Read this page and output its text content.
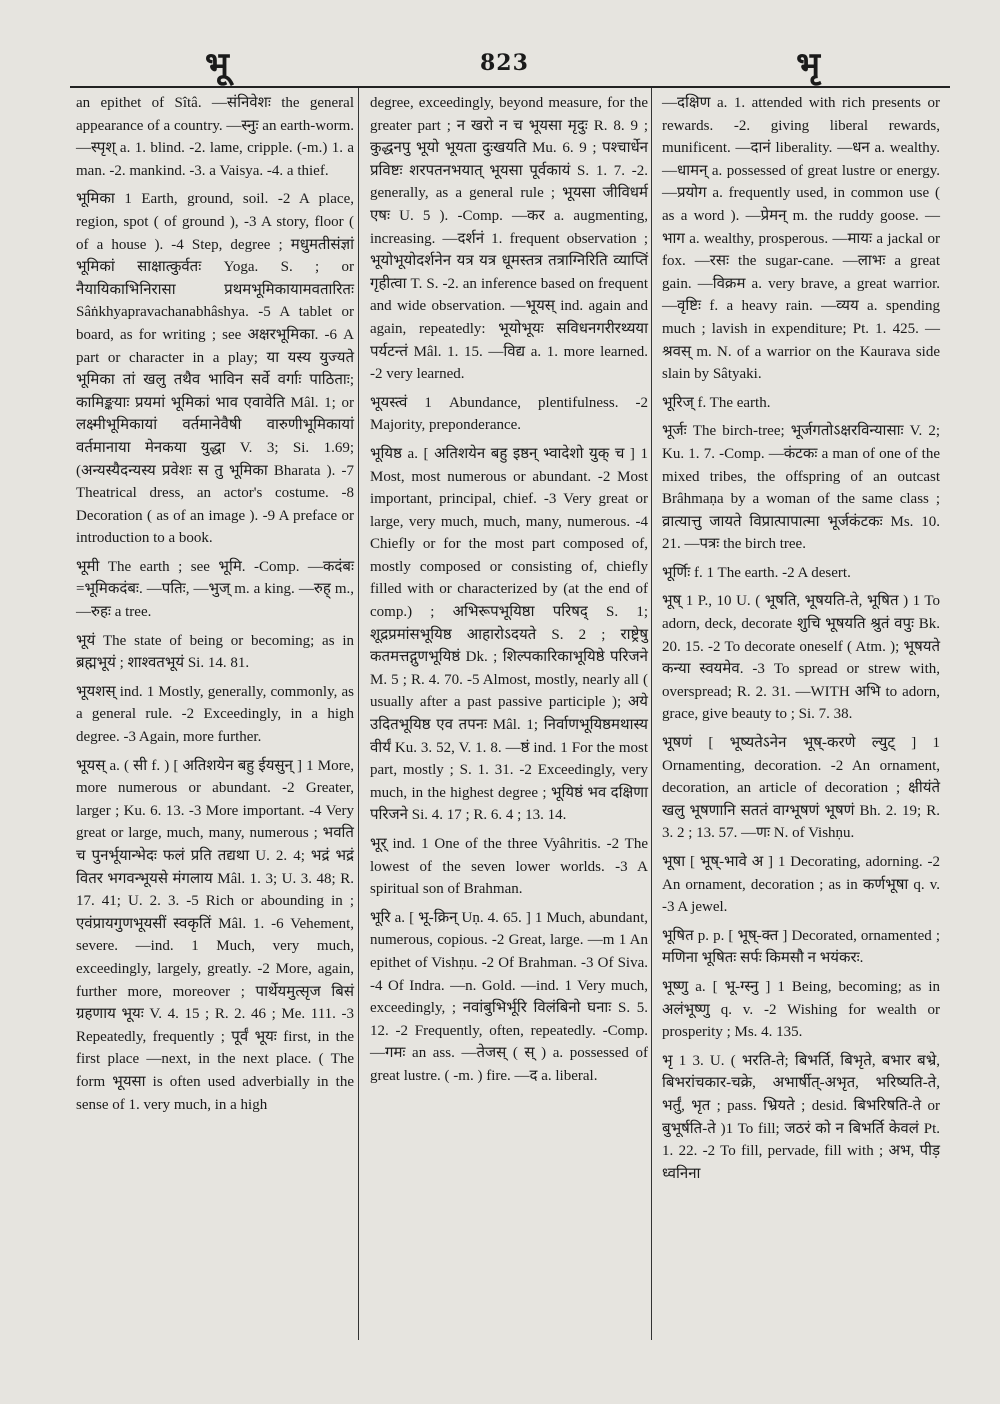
भू	823	भृ

an epithet of Sîtâ. —संनिवेशः the general appearance of a country. —स्नुः an earth-worm. —स्पृश् a. 1. blind. -2. lame, cripple. (-m.) 1. a man. -2. mankind. -3. a Vaisya. -4. a thief.

भूमिका 1 Earth, ground, soil. -2 A place, region, spot ( of ground ), -3 A story, floor ( of a house ). -4 Step, degree ; मधुमतीसंज्ञां भूमिकां साक्षात्कुर्वतः Yoga. S. ; or नैयायिकाभिनिरासा प्रथमभूमिकायामवतारितः Sâṅkhyapravachanabhâshya. -5 A tablet or board, as for writing ; see अक्षरभूमिका. -6 A part or character in a play; या यस्य युज्यते भूमिका तां खलु तथैव भाविन सर्वे वर्गाः पाठिताः; कामिङ्कयाः प्रयमां भूमिकां भाव एवावेति Mâl. 1; or लक्ष्मीभूमिकायां वर्तमानेवैषी वारुणीभूमिकायां वर्तमानाया मेनकया युद्धा V. 3; Si. 1.69; (अन्यस्यैदन्यस्य प्रवेशः स तु भूमिका Bharata ). -7 Theatrical dress, an actor's costume. -8 Decoration ( as of an image ). -9 A preface or introduction to a book.

भूमी The earth ; see भूमि. -Comp. —कदंबः =भूमिकदंबः. —पतिः, —भुज् m. a king. —रुह् m., —रुहः a tree.

भूयं The state of being or becoming; as in ब्रह्मभूयं ; शाश्वतभूयं Si. 14. 81.

भूयशस् ind. 1 Mostly, generally, commonly, as a general rule. -2 Exceedingly, in a high degree. -3 Again, more further.

भूयस् a. ( सी f. ) [ अतिशयेन बहु ईयसुन् ] 1 More, more numerous or abundant. -2 Greater, larger ; Ku. 6. 13. -3 More important. -4 Very great or large, much, many, numerous ; भवति च पुनर्भूयान्भेदः फलं प्रति तद्यथा U. 2. 4; भद्रं भद्रं वितर भगवन्भूयसे मंगलाय Mâl. 1. 3; U. 3. 48; R. 17. 41; U. 2. 3. -5 Rich or abounding in ; एवंप्रायगुणभूयसीं स्वकृतिं Mâl. 1. -6 Vehement, severe. —ind. 1 Much, very much, exceedingly, largely, greatly. -2 More, again, further more, moreover ; पार्थेयमुत्सृज बिसं ग्रहणाय भूयः V. 4. 15 ; R. 2. 46 ; Me. 111. -3 Repeatedly, frequently ; पूर्वं भूयः first, in the first place —next, in the next place. ( The form भूयसा is often used adverbially in the sense of 1. very much, in a high

degree, exceedingly, beyond measure, for the greater part ; न खरो न च भूयसा मृदुः R. 8. 9 ; कुद्धनपु भूयो भूयता दुःखयति Mu. 6. 9 ; पश्चार्धेन प्रविष्टः शरपतनभयात् भूयसा पूर्वकायं S. 1. 7. -2. generally, as a general rule ; भूयसा जीविधर्म एषः U. 5 ). -Comp. —कर a. augmenting, increasing. —दर्शनं 1. frequent observation ; भूयोभूयोदर्शनेन यत्र यत्र धूमस्तत्र तत्राग्निरिति व्याप्तिं गृहीत्वा T. S. -2. an inference based on frequent and wide observation. —भूयस् ind. again and again, repeatedly: भूयोभूयः सविधनगरीरथ्यया पर्यटन्तं Mâl. 1. 15. —विद्य a. 1. more learned. -2 very learned.

भूयस्त्वं 1 Abundance, plentifulness. -2 Majority, preponderance.

भूयिष्ठ a. [ अतिशयेन बहु इष्ठन् भ्वादेशो युक् च ] 1 Most, most numerous or abundant. -2 Most important, principal, chief. -3 Very great or large, very much, much, many, numerous. -4 Chiefly or for the most part composed of, mostly composed or consisting of, chiefly filled with or characterized by (at the end of comp.) ; अभिरूपभूयिष्ठा परिषद् S. 1; शूद्रप्रमांसभूयिष्ठ आहारोऽदयते S. 2 ; राष्ट्रेषु कतमत्तद्गुणभूयिष्ठं Dk. ; शिल्पकारिकाभूयिष्ठे परिजने M. 5 ; R. 4. 70. -5 Almost, mostly, nearly all ( usually after a past passive participle ); अये उदितभूयिष्ठ एव तपनः Mâl. 1; निर्वाणभूयिष्ठमथास्य वीर्यं Ku. 3. 52, V. 1. 8. —ष्ठं ind. 1 For the most part, mostly ; S. 1. 31. -2 Exceedingly, very much, in the highest degree ; भूयिष्ठं भव दक्षिणा परिजने Si. 4. 17 ; R. 6. 4 ; 13. 14.

भूर् ind. 1 One of the three Vyâhritis. -2 The lowest of the seven lower worlds. -3 A spiritual son of Brahman.

भूरि a. [ भू-क्रिन् Uṇ. 4. 65. ] 1 Much, abundant, numerous, copious. -2 Great, large. —m 1 An epithet of Vishṇu. -2 Of Brahman. -3 Of Siva. -4 Of Indra. —n. Gold. —ind. 1 Very much, exceedingly, ; नवांबुभिर्भूरि विलंबिनो घनाः S. 5. 12. -2 Frequently, often, repeatedly. -Comp. —गमः an ass. —तेजस् ( स् ) a. possessed of great lustre. ( -m. ) fire. —द a. liberal.

—दक्षिण a. 1. attended with rich presents or rewards. -2. giving liberal rewards, munificent. —दानं liberality. —धन a. wealthy. —धामन् a. possessed of great lustre or energy. —प्रयोग a. frequently used, in common use ( as a word ). —प्रेमन् m. the ruddy goose. —भाग a. wealthy, prosperous. —मायः a jackal or fox. —रसः the sugar-cane. —लाभः a great gain. —विक्रम a. very brave, a great warrior. —वृष्टिः f. a heavy rain. —व्यय a. spending much ; lavish in expenditure; Pt. 1. 425. —श्रवस् m. N. of a warrior on the Kaurava side slain by Sâtyaki.

भूरिज् f. The earth.

भूर्जः The birch-tree; भूर्जगतोऽक्षरविन्यासाः V. 2; Ku. 1. 7. -Comp. —कंटकः a man of one of the mixed tribes, the offspring of an outcast Brâhmaṇa by a woman of the same class ; व्रात्यात्तु जायते विप्रात्पापात्मा भूर्जकंटकः Ms. 10. 21. —पत्रः the birch tree.

भूर्णिः f. 1 The earth. -2 A desert.

भूष् 1 P., 10 U. ( भूषति, भूषयति-ते, भूषित ) 1 To adorn, deck, decorate शुचि भूषयति श्रुतं वपुः Bk. 20. 15. -2 To decorate oneself ( Atm. ); भूषयते कन्या स्वयमेव. -3 To spread or strew with, overspread; R. 2. 31. —WITH अभि to adorn, grace, give beauty to ; Si. 7. 38.

भूषणं [ भूष्यतेऽनेन भूष्-करणे ल्युट् ] 1 Ornamenting, decoration. -2 An ornament, decoration, an article of decoration ; क्षीयंते खलु भूषणानि सततं वाग्भूषणं भूषणं Bh. 2. 19; R. 3. 2 ; 13. 57. —णः N. of Vishṇu.

भूषा [ भूष्-भावे अ ] 1 Decorating, adorning. -2 An ornament, decoration ; as in कर्णभूषा q. v. -3 A jewel.

भूषित p. p. [ भूष्-क्त ] Decorated, ornamented ; मणिना भूषितः सर्पः किमसौ न भयंकरः.

भूष्णु a. [ भू-ग्स्नु ] 1 Being, becoming; as in अलंभूष्णु q. v. -2 Wishing for wealth or prosperity ; Ms. 4. 135.

भृ 1 3. U. ( भरति-ते; बिभर्ति, बिभृते, बभार बभ्रे, बिभरांचकार-चक्रे, अभार्षीत्-अभृत, भरिष्यति-ते, भर्तुं, भृत ; pass. भ्रियते ; desid. बिभरिषति-ते or बुभूर्षति-ते )1 To fill; जठरं को न बिभर्ति केवलं Pt. 1. 22. -2 To fill, pervade, fill with ; अभ, पीड़ ध्वनिना
